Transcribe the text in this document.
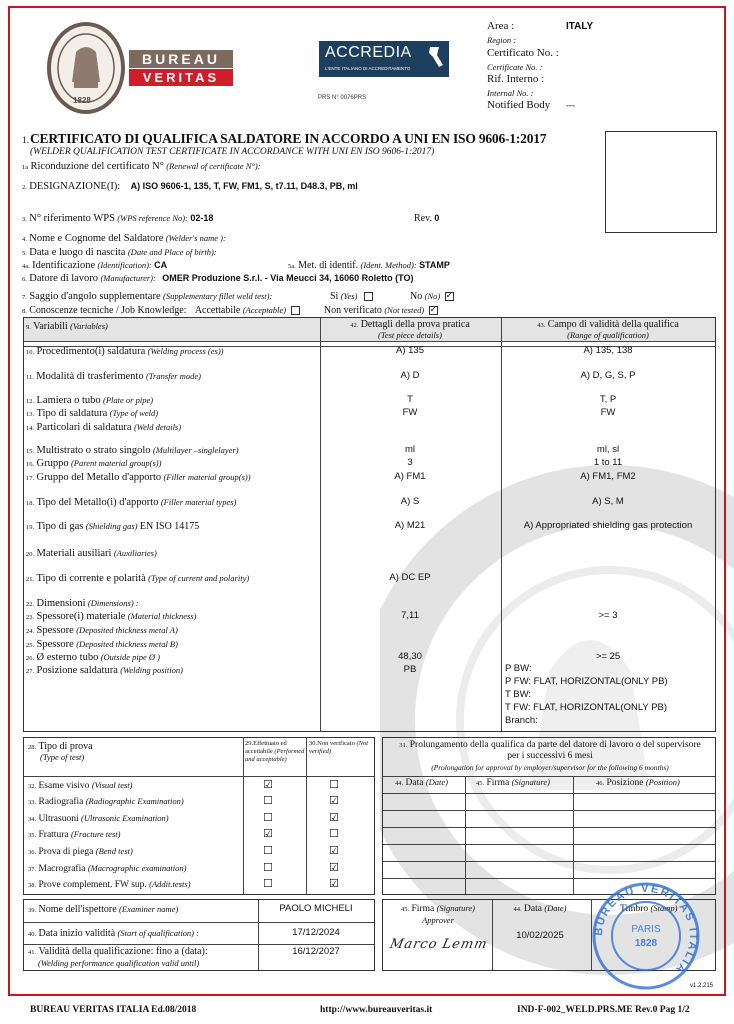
1828
BUREAU
VERITAS
ACCREDIA
L'ENTE ITALIANO DI ACCREDITAMENTO
PRS N° 0076PRS
Area :	ITALY
Region :
Certificato No. :
Certificate No. :
Rif. Interno :
Internal No. :
Notified Body ---
1. CERTIFICATO DI QUALIFICA SALDATORE IN ACCORDO A UNI EN ISO 9606-1:2017
(WELDER QUALIFICATION TEST CERTIFICATE IN ACCORDANCE WITH UNI EN ISO 9606-1:2017)
1a Riconduzione del certificato N° (Renewal of certificate N°):
2. DESIGNAZIONE(I): A) ISO 9606-1, 135, T, FW, FM1, S, t7.11, D48.3, PB, ml
3. N° riferimento WPS (WPS reference No): 02-18	Rev. 0
4. Nome e Cognome del Saldatore (Welder's name ):
5. Data e luogo di nascita (Date and Place of birth):
4a. Identificazione (Identification): CA	5a. Met. di identif. (Ident. Method): STAMP
6. Datore di lavoro (Manufacturer): OMER Produzione S.r.l. - Via Meucci 34, 16060 Roletto (TO)
7. Saggio d'angolo supplementare (Supplementary fillet weld test):	Si (Yes)	No (No) ✓
8. Conoscenze tecniche / Job Knowledge: Accettabile (Acceptable)	Non verificato (Not tested) ✓
9. Variabili (Variables)	42. Dettagli della prova pratica
(Test piece details)
43. Campo di validità della qualifica
(Range of qualification)
10. Procedimento(i) saldatura (Welding process (es))	A) 135	A) 135, 138
11. Modalità di trasferimento (Transfer mode)	A) D	A) D, G, S, P
12. Lamiera o tubo (Plate or pipe)	T	T, P
13. Tipo di saldatura (Type of weld)	FW	FW
14. Particolari di saldatura (Weld details)
15. Multistrato o strato singolo (Multilayer –singlelayer)	ml	ml, sl
16. Gruppo (Parent material group(s))	3	1 to 11
17. Gruppo del Metallo d'apporto (Filler material group(s))	A) FM1	A) FM1, FM2
18. Tipo del Metallo(i) d'apporto (Filler material types)	A) S	A) S, M
19. Tipo di gas (Shielding gas) EN ISO 14175	A) M21	A) Appropriated shielding gas protection
20. Materiali ausiliari (Auxiliaries)
21. Tipo di corrente e polarità (Type of current and polarity)	A) DC EP
22. Dimensioni (Dimensions) :
23. Spessore(i) materiale (Material thickness)	7,11	>= 3
24. Spessore (Deposited thickness metal A)
25. Spessore (Deposited thickness metal B)
26. Ø esterno tubo (Outside pipe Ø )	48,30	>= 25
27. Posizione saldatura (Welding position)	PB	P BW:
P FW: FLAT, HORIZONTAL(ONLY PB)
T BW:
T FW: FLAT, HORIZONTAL(ONLY PB)
Branch:
28. Tipo di prova
(Type of test)
29.Effettuato ed accettabile (Performed and acceptable)
30.Non verificato (Not verified)
32. Esame visivo (Visual test)	☑	☐
33. Radiografia (Radiographic Examination)	☐	☑
34. Ultrasuoni (Ultrasonic Examination)	☐	☑
35. Frattura (Fracture test)	☑	☐
36. Prova di piega (Bend test)	☐	☑
37. Macrografia (Macrographic examination)	☐	☑
38. Prove complement. FW sup. (Addit.tests)	☐	☑
31. Prolungamento della qualifica da parte del datore di lavoro o del supervisore per i successivi 6 mesi
(Prolongation for approval by employer/supervisor for the following 6 months)
44. Data (Date)	45. Firma (Signature)	46. Posizione (Position)
39. Nome dell'ispettore (Examiner name)	PAOLO MICHELI
40. Data inizio validità (Start of qualification) :	17/12/2024
41. Validità della qualificazione: fino a (data):
(Welding performance qualification valid until)
16/12/2027
45. Firma (Signature)
Approver
Marco Lemm
44. Data (Date)
10/02/2025
Timbro (Stamp)
BUREAU VERITAS ITALIA
PARIS
1828
v1.2.215
BUREAU VERITAS ITALIA Ed.08/2018	http://www.bureauveritas.it	IND-F-002_WELD.PRS.ME Rev.0 Pag 1/2
